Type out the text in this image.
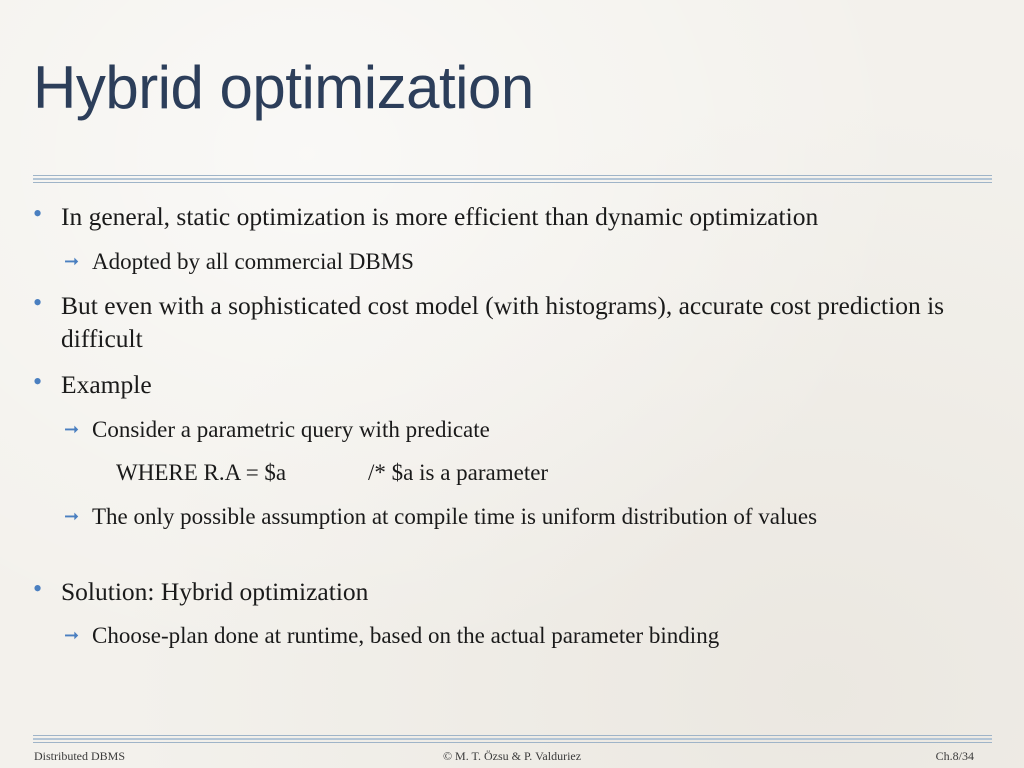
Hybrid optimization
• In general, static optimization is more efficient than dynamic optimization
➞ Adopted by all commercial DBMS
• But even with a sophisticated cost model (with histograms), accurate cost prediction is difficult
• Example
➞ Consider a parametric query with predicate
WHERE R.A = $a	/* $a is a parameter
➞ The only possible assumption at compile time is uniform distribution of values
• Solution: Hybrid optimization
➞ Choose-plan done at runtime, based on the actual parameter binding
Distributed DBMS	© M. T. Özsu & P. Valduriez	Ch.8/34
